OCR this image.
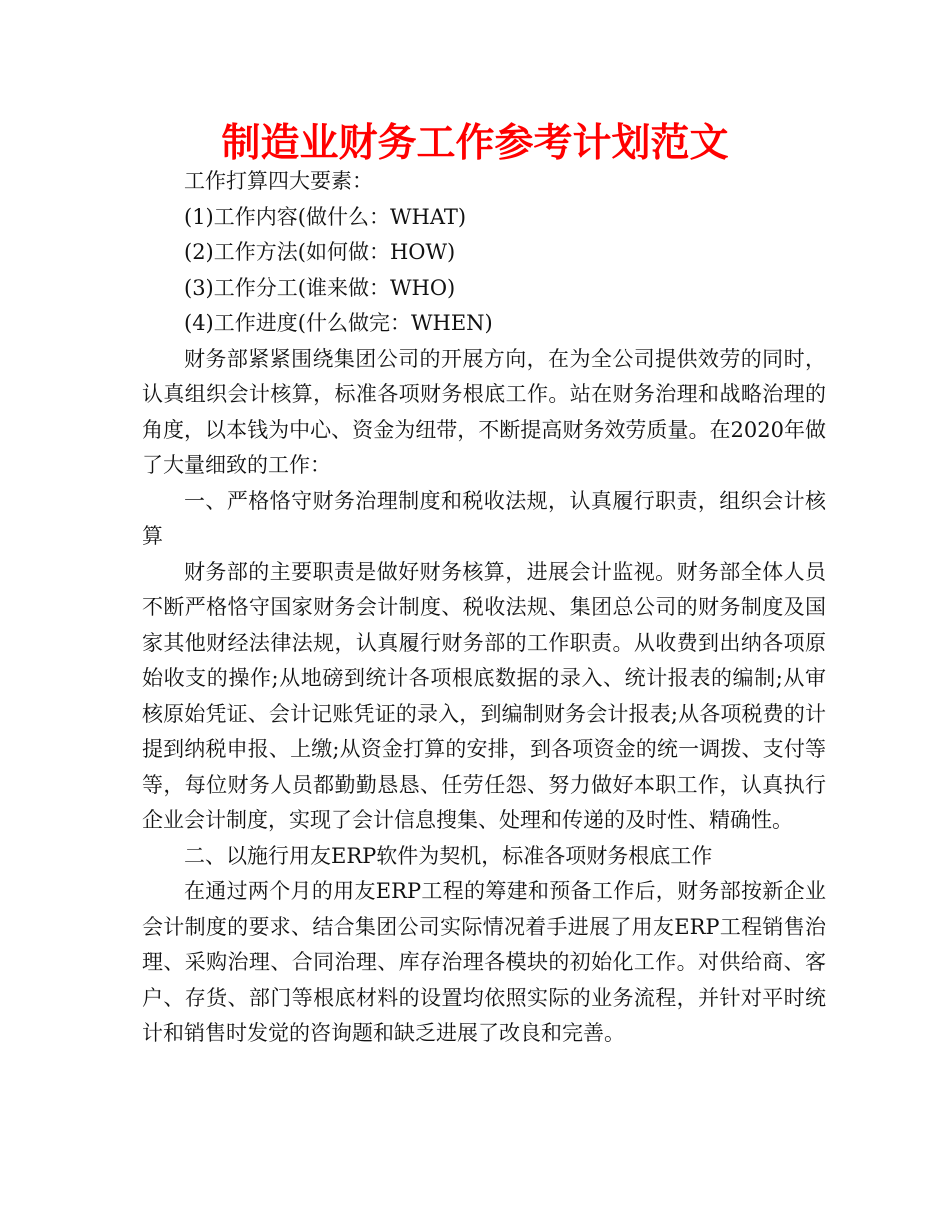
制造业财务工作参考计划范文

工作打算四大要素：

(1)工作内容(做什么：WHAT)

(2)工作方法(如何做：HOW)

(3)工作分工(谁来做：WHO)

(4)工作进度(什么做完：WHEN)

财务部紧紧围绕集团公司的开展方向，在为全公司提供效劳的同时，认真组织会计核算，标准各项财务根底工作。站在财务治理和战略治理的角度，以本钱为中心、资金为纽带，不断提高财务效劳质量。在2020年做了大量细致的工作：

一、严格恪守财务治理制度和税收法规，认真履行职责，组织会计核算

财务部的主要职责是做好财务核算，进展会计监视。财务部全体人员不断严格恪守国家财务会计制度、税收法规、集团总公司的财务制度及国家其他财经法律法规，认真履行财务部的工作职责。从收费到出纳各项原始收支的操作;从地磅到统计各项根底数据的录入、统计报表的编制;从审核原始凭证、会计记账凭证的录入，到编制财务会计报表;从各项税费的计提到纳税申报、上缴;从资金打算的安排，到各项资金的统一调拨、支付等等，每位财务人员都勤勤恳恳、任劳任怨、努力做好本职工作，认真执行企业会计制度，实现了会计信息搜集、处理和传递的及时性、精确性。

二、以施行用友ERP软件为契机，标准各项财务根底工作

在通过两个月的用友ERP工程的筹建和预备工作后，财务部按新企业会计制度的要求、结合集团公司实际情况着手进展了用友ERP工程销售治理、采购治理、合同治理、库存治理各模块的初始化工作。对供给商、客户、存货、部门等根底材料的设置均依照实际的业务流程，并针对平时统计和销售时发觉的咨询题和缺乏进展了改良和完善。
